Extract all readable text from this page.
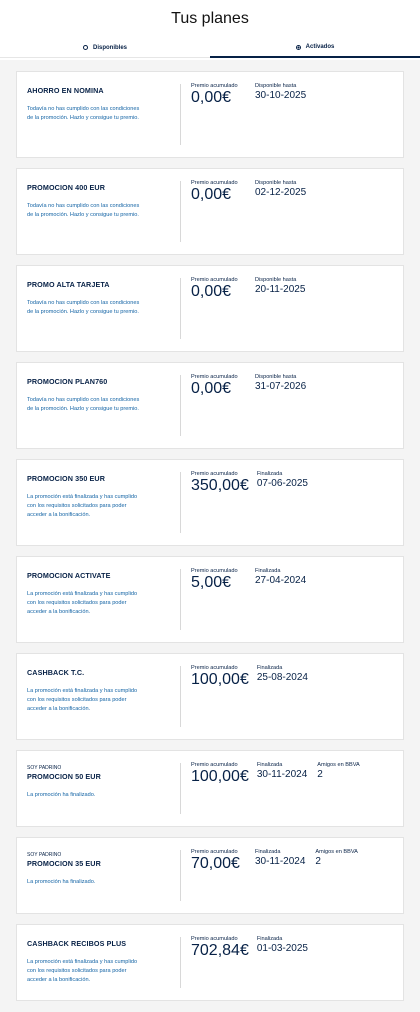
Tus planes
Disponibles	Activados
AHORRO EN NOMINA
Todavía no has cumplido con las condiciones de la promoción. Hazlo y consigue tu premio.
Premio acumulado
0,00€
Disponible hasta
30-10-2025
PROMOCION 400 EUR
Todavía no has cumplido con las condiciones de la promoción. Hazlo y consigue tu premio.
Premio acumulado
0,00€
Disponible hasta
02-12-2025
PROMO ALTA TARJETA
Todavía no has cumplido con las condiciones de la promoción. Hazlo y consigue tu premio.
Premio acumulado
0,00€
Disponible hasta
20-11-2025
PROMOCION PLAN760
Todavía no has cumplido con las condiciones de la promoción. Hazlo y consigue tu premio.
Premio acumulado
0,00€
Disponible hasta
31-07-2026
PROMOCION 350 EUR
La promoción está finalizada y has cumplido con los requisitos solicitados para poder acceder a la bonificación.
Premio acumulado
350,00€
Finalizada
07-06-2025
PROMOCION ACTIVATE
La promoción está finalizada y has cumplido con los requisitos solicitados para poder acceder a la bonificación.
Premio acumulado
5,00€
Finalizada
27-04-2024
CASHBACK T.C.
La promoción está finalizada y has cumplido con los requisitos solicitados para poder acceder a la bonificación.
Premio acumulado
100,00€
Finalizada
25-08-2024
SOY PADRINO
PROMOCION 50 EUR
La promoción ha finalizado.
Premio acumulado
100,00€
Finalizada
30-11-2024
Amigos en BBVA
2
SOY PADRINO
PROMOCION 35 EUR
La promoción ha finalizado.
Premio acumulado
70,00€
Finalizada
30-11-2024
Amigos en BBVA
2
CASHBACK RECIBOS PLUS
La promoción está finalizada y has cumplido con los requisitos solicitados para poder acceder a la bonificación.
Premio acumulado
702,84€
Finalizada
01-03-2025
